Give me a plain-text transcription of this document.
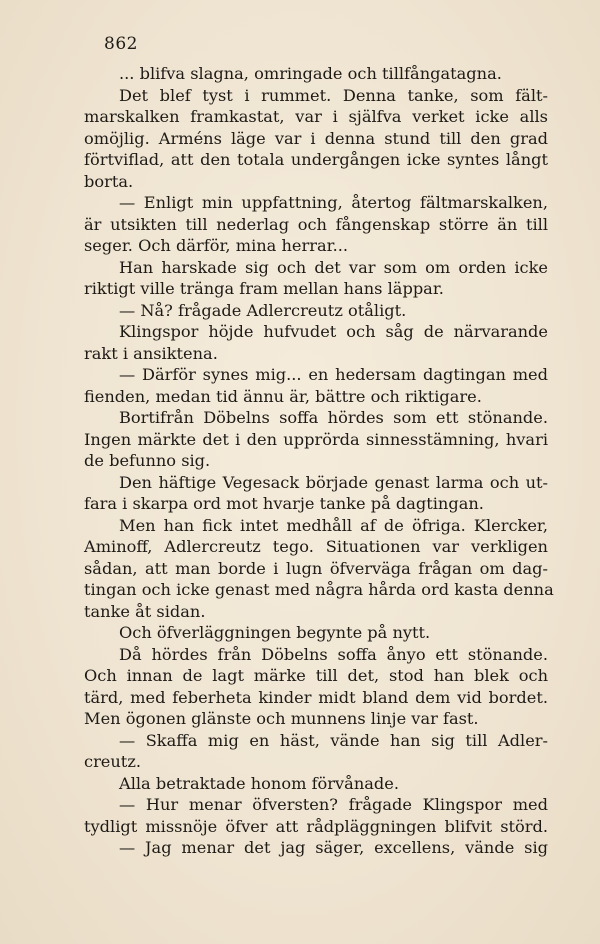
862
... blifva slagna, omringade och tillfångatagna.
Det blef tyst i rummet. Denna tanke, som fält-
marskalken framkastat, var i själfva verket icke alls
omöjlig. Arméns läge var i denna stund till den grad
förtviflad, att den totala undergången icke syntes långt
borta.
— Enligt min uppfattning, återtog fältmarskalken,
är utsikten till nederlag och fångenskap större än till
seger. Och därför, mina herrar...
Han harskade sig och det var som om orden icke
riktigt ville tränga fram mellan hans läppar.
— Nå? frågade Adlercreutz otåligt.
Klingspor höjde hufvudet och såg de närvarande
rakt i ansiktena.
— Därför synes mig... en hedersam dagtingan med
fienden, medan tid ännu är, bättre och riktigare.
Bortifrån Döbelns soffa hördes som ett stönande.
Ingen märkte det i den upprörda sinnesstämning, hvari
de befunno sig.
Den häftige Vegesack började genast larma och ut-
fara i skarpa ord mot hvarje tanke på dagtingan.
Men han fick intet medhåll af de öfriga. Klercker,
Aminoff, Adlercreutz tego. Situationen var verkligen
sådan, att man borde i lugn öfverväga frågan om dag-
tingan och icke genast med några hårda ord kasta denna
tanke åt sidan.
Och öfverläggningen begynte på nytt.
Då hördes från Döbelns soffa ånyo ett stönande.
Och innan de lagt märke till det, stod han blek och
tärd, med feberheta kinder midt bland dem vid bordet.
Men ögonen glänste och munnens linje var fast.
— Skaffa mig en häst, vände han sig till Adler-
creutz.
Alla betraktade honom förvånade.
— Hur menar öfversten? frågade Klingspor med
tydligt missnöje öfver att rådpläggningen blifvit störd.
— Jag menar det jag säger, excellens, vände sig
